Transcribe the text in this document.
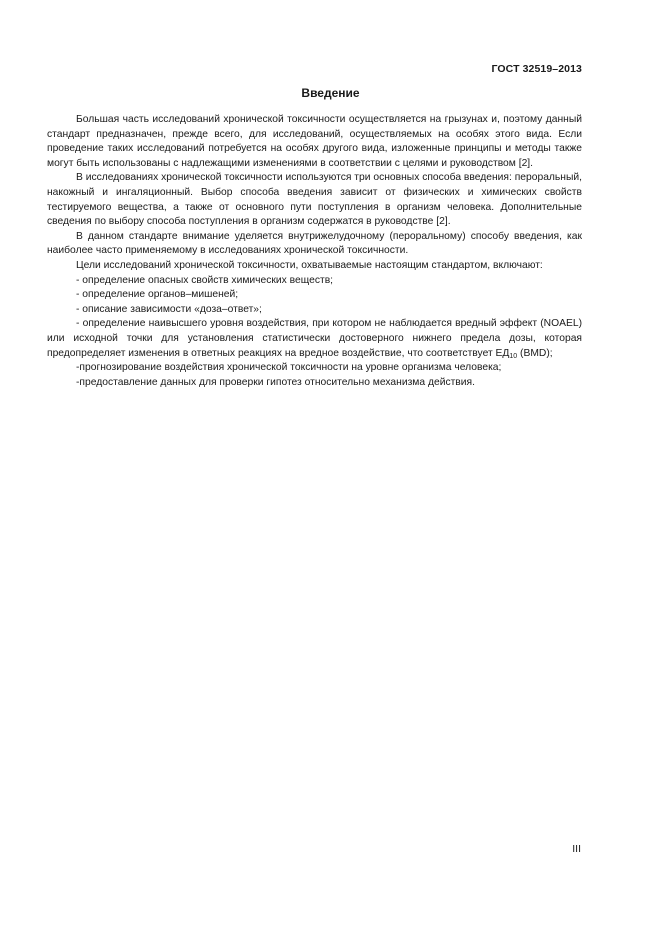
ГОСТ 32519–2013
Введение

Большая часть исследований хронической токсичности осуществляется на грызунах и, поэтому данный стандарт предназначен, прежде всего, для исследований, осуществляемых на особях этого вида. Если проведение таких исследований потребуется на особях другого вида, изложенные принципы и методы также могут быть использованы с надлежащими изменениями в соответствии с целями и руководством [2].

В исследованиях хронической токсичности используются три основных способа введения: пероральный, накожный и ингаляционный. Выбор способа введения зависит от физических и химических свойств тестируемого вещества, а также от основного пути поступления в организм человека. Дополнительные сведения по выбору способа поступления в организм содержатся в руководстве [2].

В данном стандарте внимание уделяется внутрижелудочному (пероральному) способу введения, как наиболее часто применяемому в исследованиях хронической токсичности.

Цели исследований хронической токсичности, охватываемые настоящим стандартом, включают:

- определение опасных свойств химических веществ;

- определение органов–мишеней;

- описание зависимости «доза–ответ»;

- определение наивысшего уровня воздействия, при котором не наблюдается вредный эффект (NOAEL) или исходной точки для установления статистически достоверного нижнего предела дозы, которая предопределяет изменения в ответных реакциях на вредное воздействие, что соответствует $ЕД_{10}$ (BMD);

-прогнозирование воздействия хронической токсичности на уровне организма человека;

-предоставление данных для проверки гипотез относительно механизма действия.

III
